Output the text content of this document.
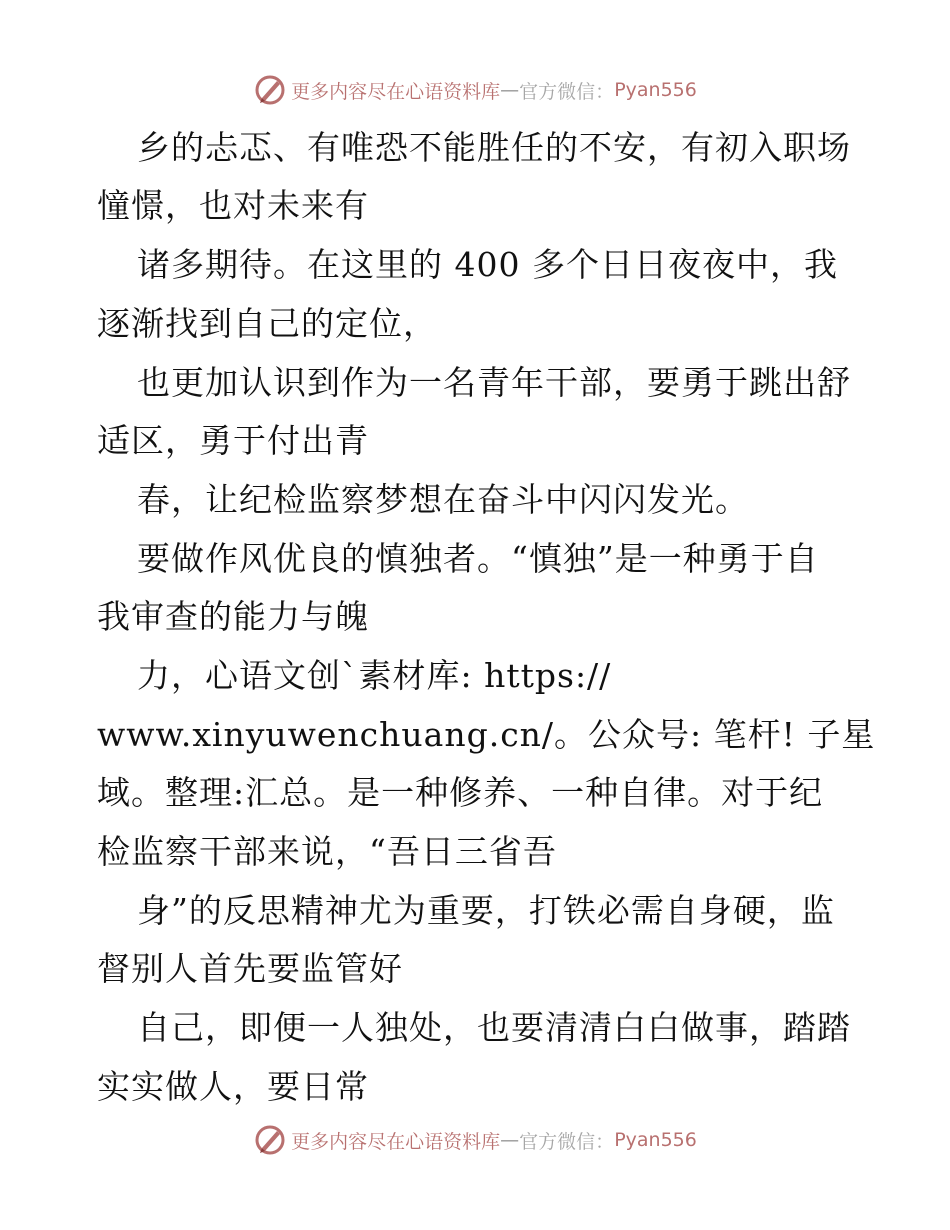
更多内容尽在心语资料库 — 官方微信： Pyan556
乡的忐忑、有唯恐不能胜任的不安，有初入职场
憧憬，也对未来有
诸多期待。在这里的 400 多个日日夜夜中，我
逐渐找到自己的定位，
也更加认识到作为一名青年干部，要勇于跳出舒
适区，勇于付出青
春，让纪检监察梦想在奋斗中闪闪发光。
要做作风优良的慎独者。“慎独”是一种勇于自
我审查的能力与魄
力，心语文创`素材库: https://
www.xinyuwenchuang.cn/。公众号: 笔杆! 子星
域。整理:汇总。是一种修养、一种自律。对于纪
检监察干部来说，“吾日三省吾
身”的反思精神尤为重要，打铁必需自身硬，监
督别人首先要监管好
自己，即便一人独处，也要清清白白做事，踏踏
实实做人，要日常
更多内容尽在心语资料库 — 官方微信： Pyan556
